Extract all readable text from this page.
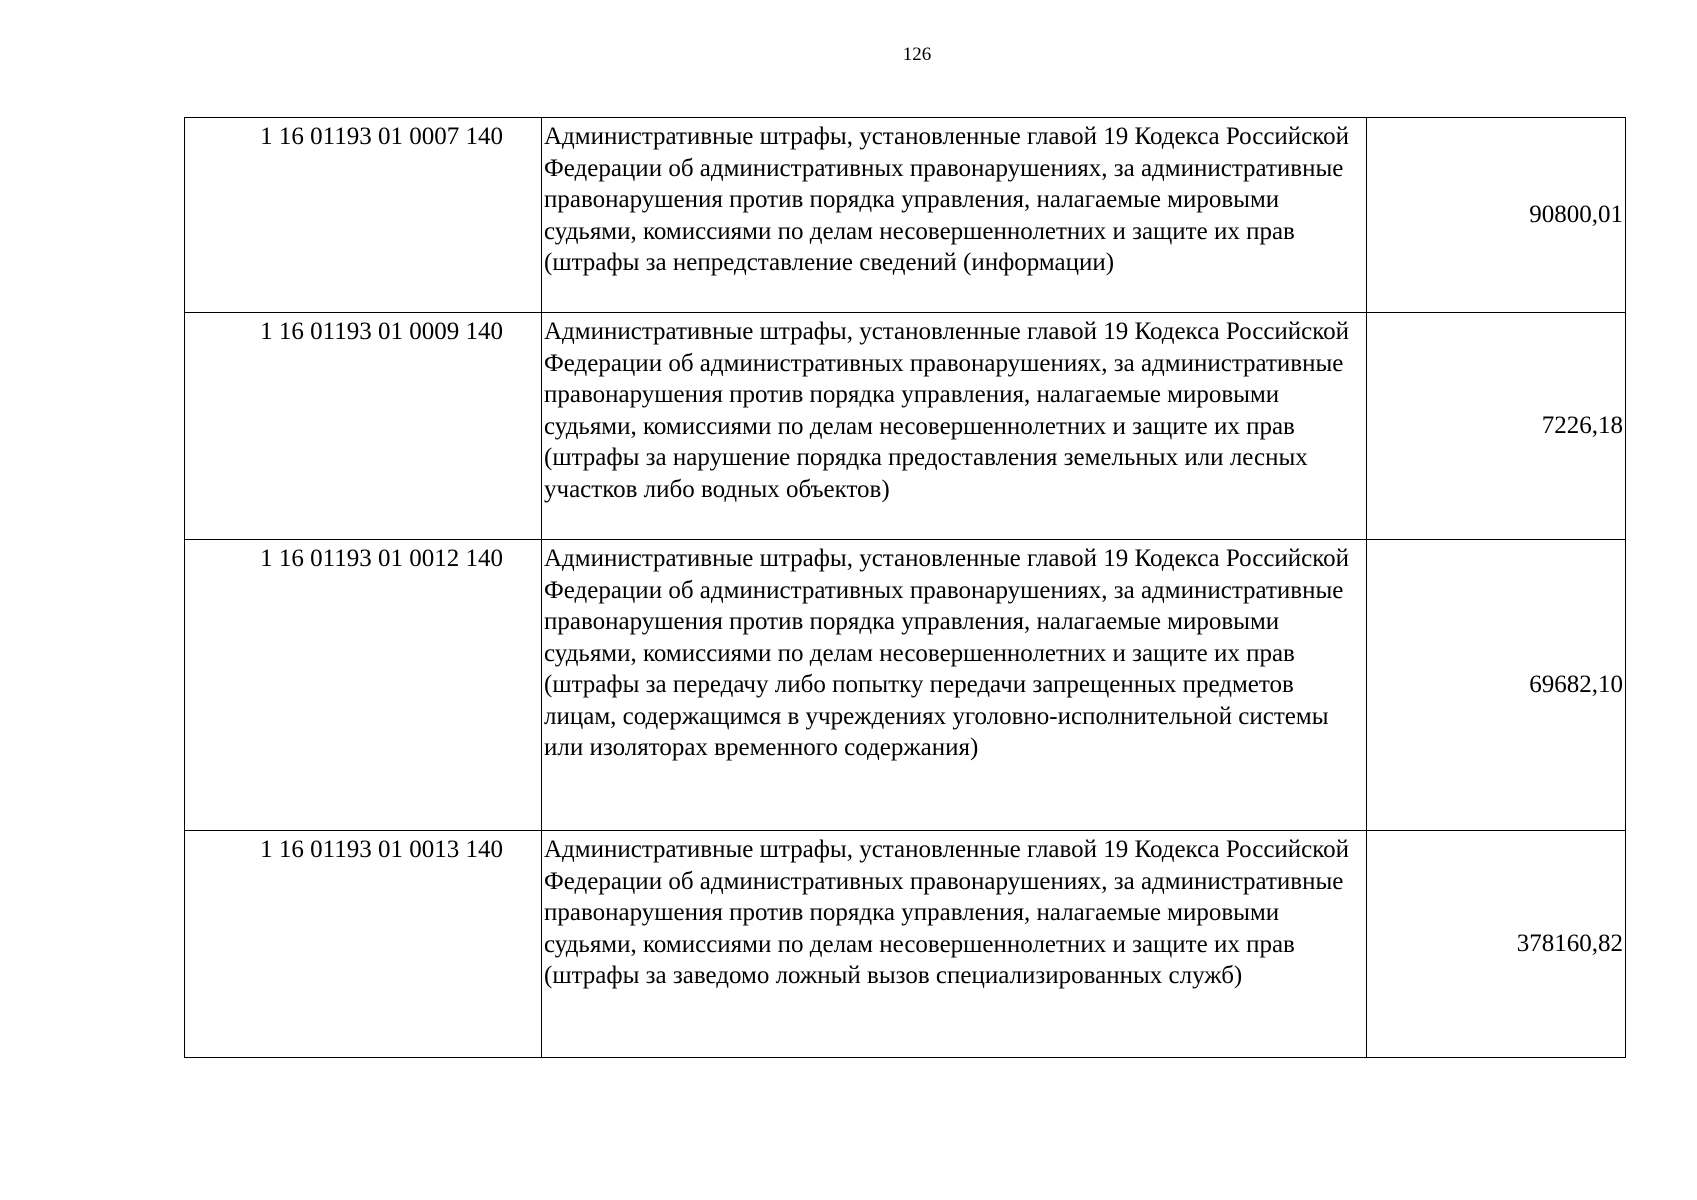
126
1 16 01193 01 0007 140	Административные штрафы, установленные главой 19 Кодекса Российской Федерации об административных правонарушениях, за административные правонарушения против порядка управления, налагаемые мировыми судьями, комиссиями по делам несовершеннолетних и защите их прав (штрафы за непредставление сведений (информации)	90800,01
1 16 01193 01 0009 140	Административные штрафы, установленные главой 19 Кодекса Российской Федерации об административных правонарушениях, за административные правонарушения против порядка управления, налагаемые мировыми судьями, комиссиями по делам несовершеннолетних и защите их прав (штрафы за нарушение порядка предоставления земельных или лесных участков либо водных объектов)	7226,18
1 16 01193 01 0012 140	Административные штрафы, установленные главой 19 Кодекса Российской Федерации об административных правонарушениях, за административные правонарушения против порядка управления, налагаемые мировыми судьями, комиссиями по делам несовершеннолетних и защите их прав (штрафы за передачу либо попытку передачи запрещенных предметов лицам, содержащимся в учреждениях уголовно-исполнительной системы или изоляторах временного содержания)	69682,10
1 16 01193 01 0013 140	Административные штрафы, установленные главой 19 Кодекса Российской Федерации об административных правонарушениях, за административные правонарушения против порядка управления, налагаемые мировыми судьями, комиссиями по делам несовершеннолетних и защите их прав (штрафы за заведомо ложный вызов специализированных служб)	378160,82
